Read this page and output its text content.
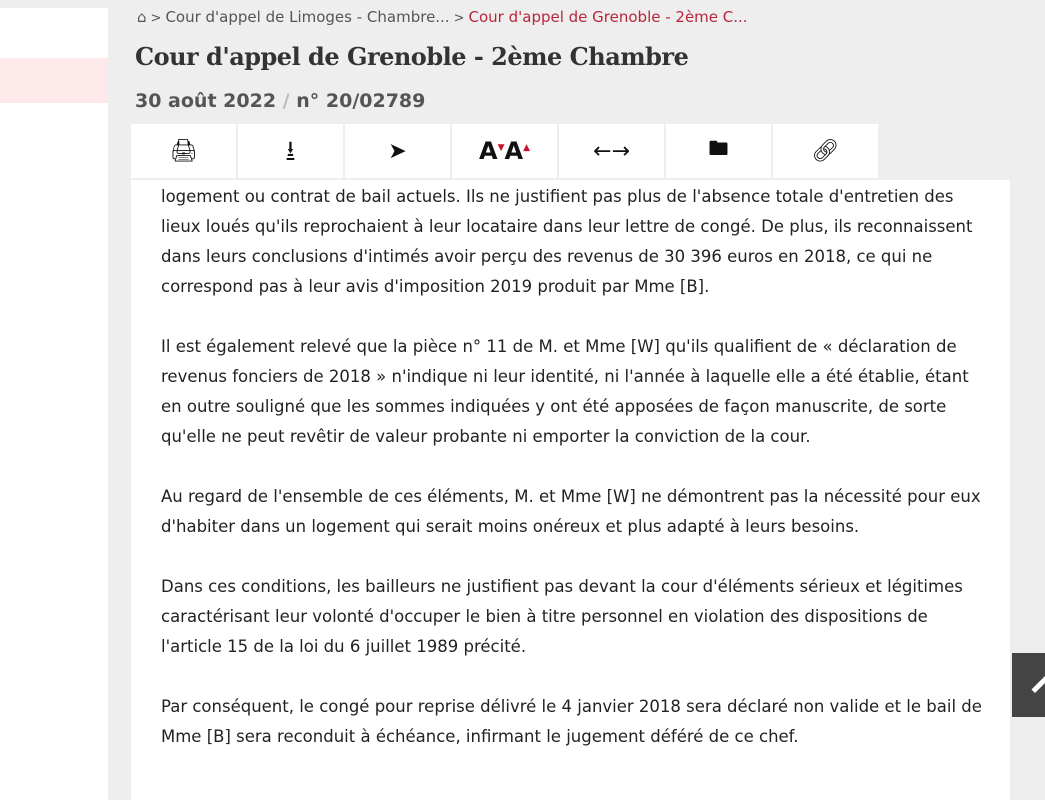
⌂ > Cour d'appel de Limoges - Chambre... > Cour d'appel de Grenoble - 2ème C...
Cour d'appel de Grenoble - 2ème Chambre
30 août 2022 / n° 20/02789
🖨︎	⭳	➤	A▼A▲	←→	🖿︎	🔗︎

logement ou contrat de bail actuels. Ils ne justifient pas plus de l'absence totale d'entretien des lieux loués qu'ils reprochaient à leur locataire dans leur lettre de congé. De plus, ils reconnaissent dans leurs conclusions d'intimés avoir perçu des revenus de 30 396 euros en 2018, ce qui ne correspond pas à leur avis d'imposition 2019 produit par Mme [B].

Il est également relevé que la pièce n° 11 de M. et Mme [W] qu'ils qualifient de « déclaration de revenus fonciers de 2018 » n'indique ni leur identité, ni l'année à laquelle elle a été établie, étant en outre souligné que les sommes indiquées y ont été apposées de façon manuscrite, de sorte qu'elle ne peut revêtir de valeur probante ni emporter la conviction de la cour.

Au regard de l'ensemble de ces éléments, M. et Mme [W] ne démontrent pas la nécessité pour eux d'habiter dans un logement qui serait moins onéreux et plus adapté à leurs besoins.

Dans ces conditions, les bailleurs ne justifient pas devant la cour d'éléments sérieux et légitimes caractérisant leur volonté d'occuper le bien à titre personnel en violation des dispositions de l'article 15 de la loi du 6 juillet 1989 précité.

Par conséquent, le congé pour reprise délivré le 4 janvier 2018 sera déclaré non valide et le bail de Mme [B] sera reconduit à échéance, infirmant le jugement déféré de ce chef.
